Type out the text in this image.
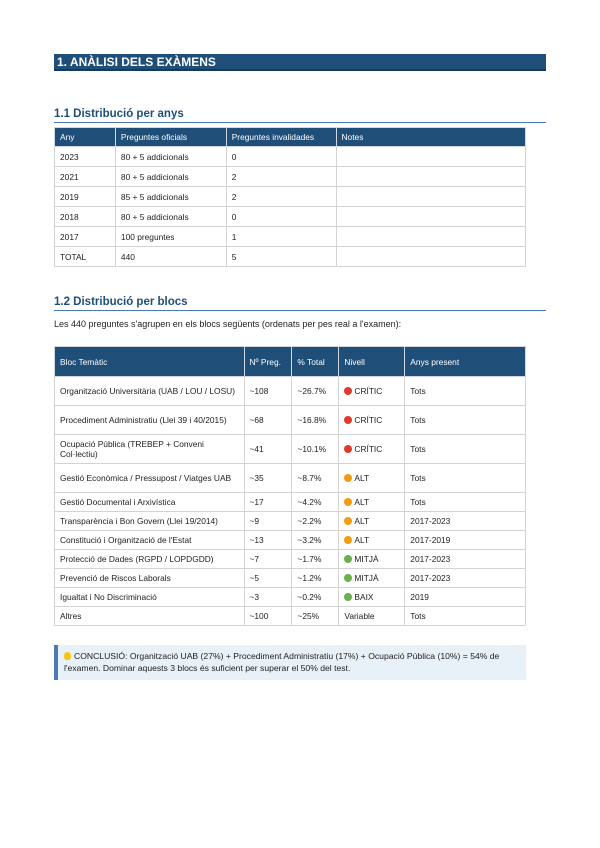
1. ANÀLISI DELS EXÀMENS
1.1 Distribució per anys
Any	Preguntes oficials	Preguntes invalidades	Notes
2023	80 + 5 addicionals	0	
2021	80 + 5 addicionals	2	
2019	85 + 5 addicionals	2	
2018	80 + 5 addicionals	0	
2017	100 preguntes	1	
TOTAL	440	5	
1.2 Distribució per blocs
Les 440 preguntes s'agrupen en els blocs següents (ordenats per pes real a l'examen):
Bloc Temàtic	Nº Preg.	% Total	Nivell	Anys present
Organització Universitària (UAB / LOU / LOSU)	~108	~26.7%	CRÍTIC	Tots
Procediment Administratiu (Llei 39 i 40/2015)	~68	~16.8%	CRÍTIC	Tots
Ocupació Pública (TREBEP + Conveni Col·lectiu)	~41	~10.1%	CRÍTIC	Tots
Gestió Econòmica / Pressupost / Viatges UAB	~35	~8.7%	ALT	Tots
Gestió Documental i Arxivística	~17	~4.2%	ALT	Tots
Transparència i Bon Govern (Llei 19/2014)	~9	~2.2%	ALT	2017-2023
Constitució i Organització de l'Estat	~13	~3.2%	ALT	2017-2019
Protecció de Dades (RGPD / LOPDGDD)	~7	~1.7%	MITJÀ	2017-2023
Prevenció de Riscos Laborals	~5	~1.2%	MITJÀ	2017-2023
Igualtat i No Discriminació	~3	~0.2%	BAIX	2019
Altres	~100	~25%	Variable	Tots
CONCLUSIÓ: Organització UAB (27%) + Procediment Administratiu (17%) + Ocupació Pública (10%) = 54% de l'examen. Dominar aquests 3 blocs és suficient per superar el 50% del test.
